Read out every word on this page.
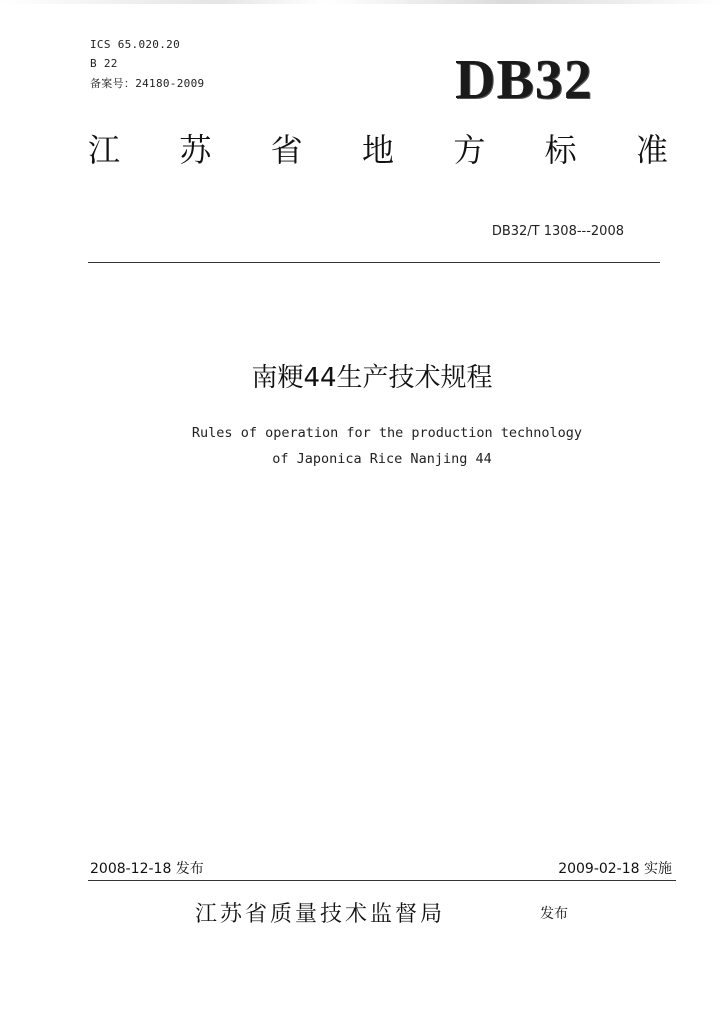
ICS 65.020.20
B 22
备案号：24180-2009	DB32
江 苏 省 地 方 标 准
DB32/T 1308---2008
南粳44生产技术规程
Rules of operation for the production technology
of Japonica Rice Nanjing 44
2008-12-18 发布	2009-02-18 实施
江苏省质量技术监督局	发布
